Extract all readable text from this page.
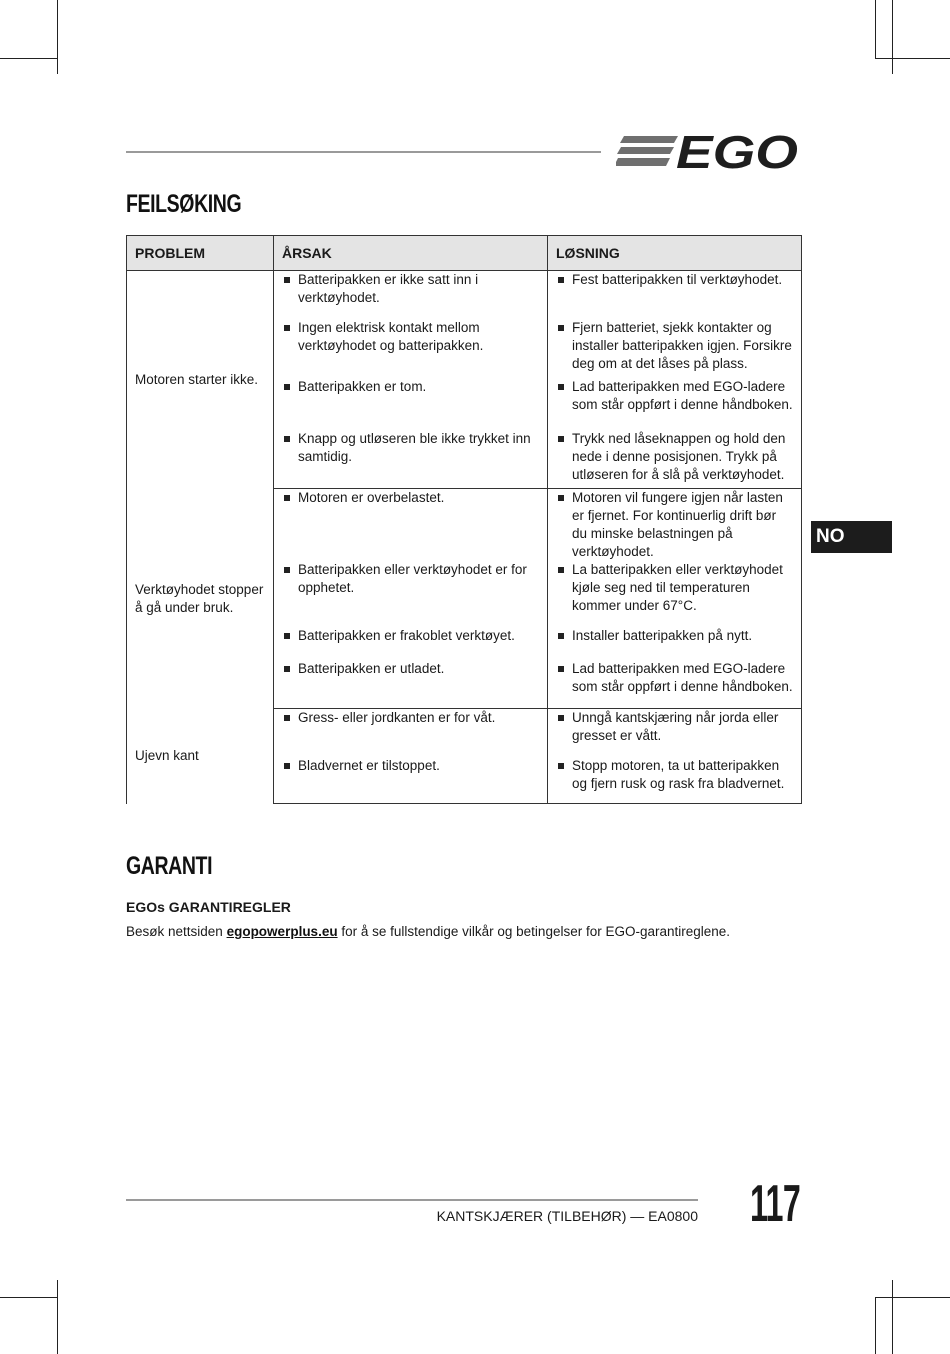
EGO
FEILSØKING
PROBLEM	ÅRSAK	LØSNING
Motoren starter ikke.	Batteripakken er ikke satt inn i verktøyhodet.	Fest batteripakken til verktøyhodet.

	Ingen elektrisk kontakt mellom verktøyhodet og batteripakken.	Fjern batteriet, sjekk kontakter og installer batteripakken igjen. Forsikre deg om at det låses på plass.

	Batteripakken er tom.	Lad batteripakken med EGO-ladere som står oppført i denne håndboken.

	Knapp og utløseren ble ikke trykket inn samtidig.	Trykk ned låseknappen og hold den nede i denne posisjonen. Trykk på utløseren for å slå på verktøyhodet.

Verktøyhodet stopper å gå under bruk.	Motoren er overbelastet.	Motoren vil fungere igjen når lasten er fjernet. For kontinuerlig drift bør du minske belastningen på verktøyhodet.

	Batteripakken eller verktøyhodet er for opphetet.	La batteripakken eller verktøyhodet kjøle seg ned til temperaturen kommer under 67°C.

	Batteripakken er frakoblet verktøyet.	Installer batteripakken på nytt.

	Batteripakken er utladet.	Lad batteripakken med EGO-ladere som står oppført i denne håndboken.

Ujevn kant	Gress- eller jordkanten er for våt.	Unngå kantskjæring når jorda eller gresset er vått.

	Bladvernet er tilstoppet.	Stopp motoren, ta ut batteripakken og fjern rusk og rask fra bladvernet.
NO
GARANTI
EGOs GARANTIREGLER
Besøk nettsiden egopowerplus.eu for å se fullstendige vilkår og betingelser for EGO-garantireglene.
KANTSKJÆRER (TILBEHØR) — EA0800 117
